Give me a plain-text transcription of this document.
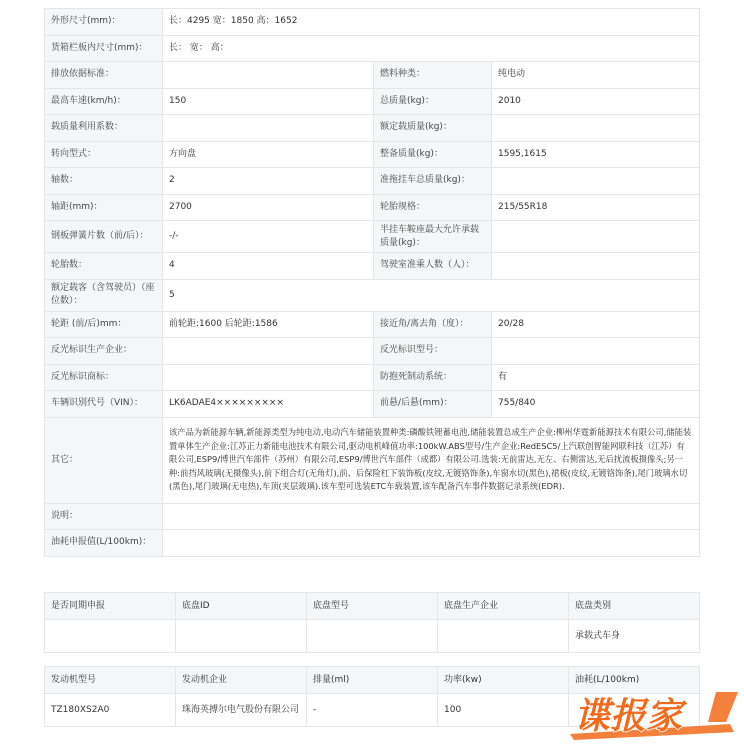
外形尺寸(mm)：	长：4295 宽：1850 高：1652		
货箱栏板内尺寸(mm)：	长： 宽： 高：		
排放依据标准：		燃料种类：	纯电动
最高车速(km/h)：	150	总质量(kg)：	2010
载质量利用系数：		额定载质量(kg)：	
转向型式：	方向盘	整备质量(kg)：	1595,1615
轴数：	2	准拖挂车总质量(kg)：	
轴距(mm)：	2700	轮胎规格：	215/55R18
钢板弹簧片数（前/后）：	-/-	半挂车鞍座最大允许承载质量(kg)：	
轮胎数：	4	驾驶室准乘人数（人）：	
额定载客（含驾驶员）（座位数）：	5		
轮距 (前/后)mm：	前轮距:1600 后轮距:1586	接近角/离去角（度）：	20/28
反光标识生产企业：		反光标识型号：	
反光标识商标：		防抱死制动系统：	有
车辆识别代号（VIN）：	LK6ADAE4×××××××××	前悬/后悬(mm)：	755/840
其它：	该产品为新能源车辆,新能源类型为纯电动,电动汽车储能装置种类:磷酸铁锂蓄电池,储能装置总成生产企业:柳州华霆新能源技术有限公司,储能装置单体生产企业:江苏正力新能电池技术有限公司,驱动电机峰值功率:100kW.ABS型号/生产企业:RedESC5/上汽联创智能网联科技（江苏）有限公司,ESP9/博世汽车部件（苏州）有限公司,ESP9/博世汽车部件（成都）有限公司.选装:无前雷达,无左、右侧雷达,无后扰流板摄像头;另一种:前挡风玻璃(无摄像头),前下组合灯(无角灯),前、后保险杠下装饰板(皮纹,无镀铬饰条),车窗水切(黑色),裙板(皮纹,无镀铬饰条),尾门玻璃水切(黑色),尾门玻璃(无电热),车顶(夹层玻璃).该车型可选装ETC车载装置,该车配备汽车事件数据记录系统(EDR).		
说明：			
油耗申报值(L/100km)：			
是否同期申报	底盘ID	底盘型号	底盘生产企业	底盘类别
				承载式车身
发动机型号	发动机企业	排量(ml)	功率(kw)	油耗(L/100km)
TZ180XS2A0	珠海英搏尔电气股份有限公司	-	100		谍报家
